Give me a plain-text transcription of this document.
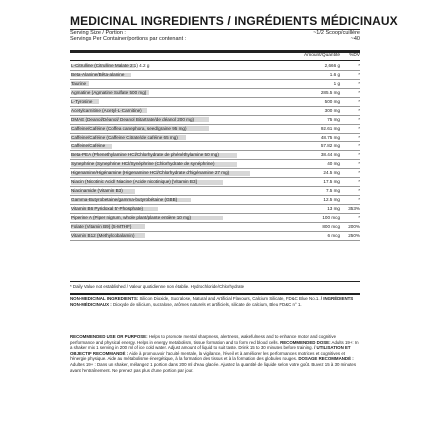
MEDICINAL INGREDIENTS / INGRÉDIENTS MÉDICINAUX
Serving Size / Portion :	~1/2 Scoop/cuillère
Servings Per Container/portions par contenant :	~40
Amount/Quantité	%DV
L-Citrulline (Citrulline Malate 2:1) 4.2 g	2,666 g	*
Beta-Alanine/Bêta-alanine	1.6 g	*
Taurine	1 g	*
Agmatine (Agmatine Sulfate 500 mg)	285.5 mg	*
L-Tyrosine	500 mg	*
Acetylcarnitine (Acetyl-L-Carnitine)	300 mg	*
DMAE (Deanol/Déanol/ Deanol Bitartrate/de déanol 200 mg)	75 mg	*
Caffeine/Caféine (Coffea canephora, seed/graine 95 mg)	92.61 mg	*
Caffeine/Caféine (Caffeine Citrate/de caféine 65 mg)	48.75 mg	*
Caffeine/Caféine	57.82 mg	*
Beta-PEA (Phenethylamine HCl/Chlorhydrate de phénéthylamine 50 mg)	38.44 mg	*
Synephrine (Synephrine HCl/Synéphrine (Chlorhydrate de synéphrine)	40 mg	*
Higenamine/Higénamine (Higenamine HCl/Chlorhydrate d'higénamine 27 mg)	24.5 mg	*
Niacin (Nicotinic Acid/ Niacine (Acide nicotinique) [Vitamin B3]	17.5 mg	*
Niacinamide (Vitamin B3)	7.5 mg	*
Gamma-Butyrobetaine/gamma-butyrobétaine (GBB)	12.5 mg	*
Vitamin B6 Pyridoxal 5'-Phosphate)	13 mg	353%
Piperine A (Piper nigrum, whole plant/plante entière 10 mg)	100 mcg	*
Folate (Vitamin B9) (5-MTHF)	800 mcg	200%
Vitamin B12 (Methylcobalamin)	6 mcg	250%
* Daily Value not established / Valeur quotidienne non établie. Hydrochloride/Chlorhydrate
NON-MEDICINAL INGREDIENTS: Silicon Dioxide, Sucralose, Natural and Artificial Flavours, Calcium Silicate, FD&C Blue No.1. / INGRÉDIENTS NON-MÉDICINAUX : Dioxyde de silicium, sucralose, arômes naturels et artificiels, silicate de calcium, Bleu FD&C n° 1.
RECOMMENDED USE OR PURPOSE: Helps to promote mental sharpness, alertness, wakefulness and to enhance motor and cognitive performance and physical energy. Helps in energy metabolism, tissue formation and to form red blood cells. RECOMMENDED DOSE: Adults 19+: In a shaker mix 1 serving in 200 ml of ice cold water. Adjust amount of liquid to suit taste. Drink 15 to 30 minutes before training. / UTILISATION ET OBJECTIF RECOMMANDÉ : Aide à promouvoir l'acuité mentale, la vigilance, l'éveil et à améliorer les performances motrices et cognitives et l'énergie physique. Aide au métabolisme énergétique, à la formation des tissus et à la formation des globules rouges. DOSAGE RECOMMANDÉ : Adultes 19+ : Dans un shaker, mélangez 1 portion dans 200 ml d'eau glacée. Ajustez la quantité de liquide selon votre goût. Buvez 15 à 30 minutes avant l'entraînement. Ne prenez pas plus d'une portion par jour.
